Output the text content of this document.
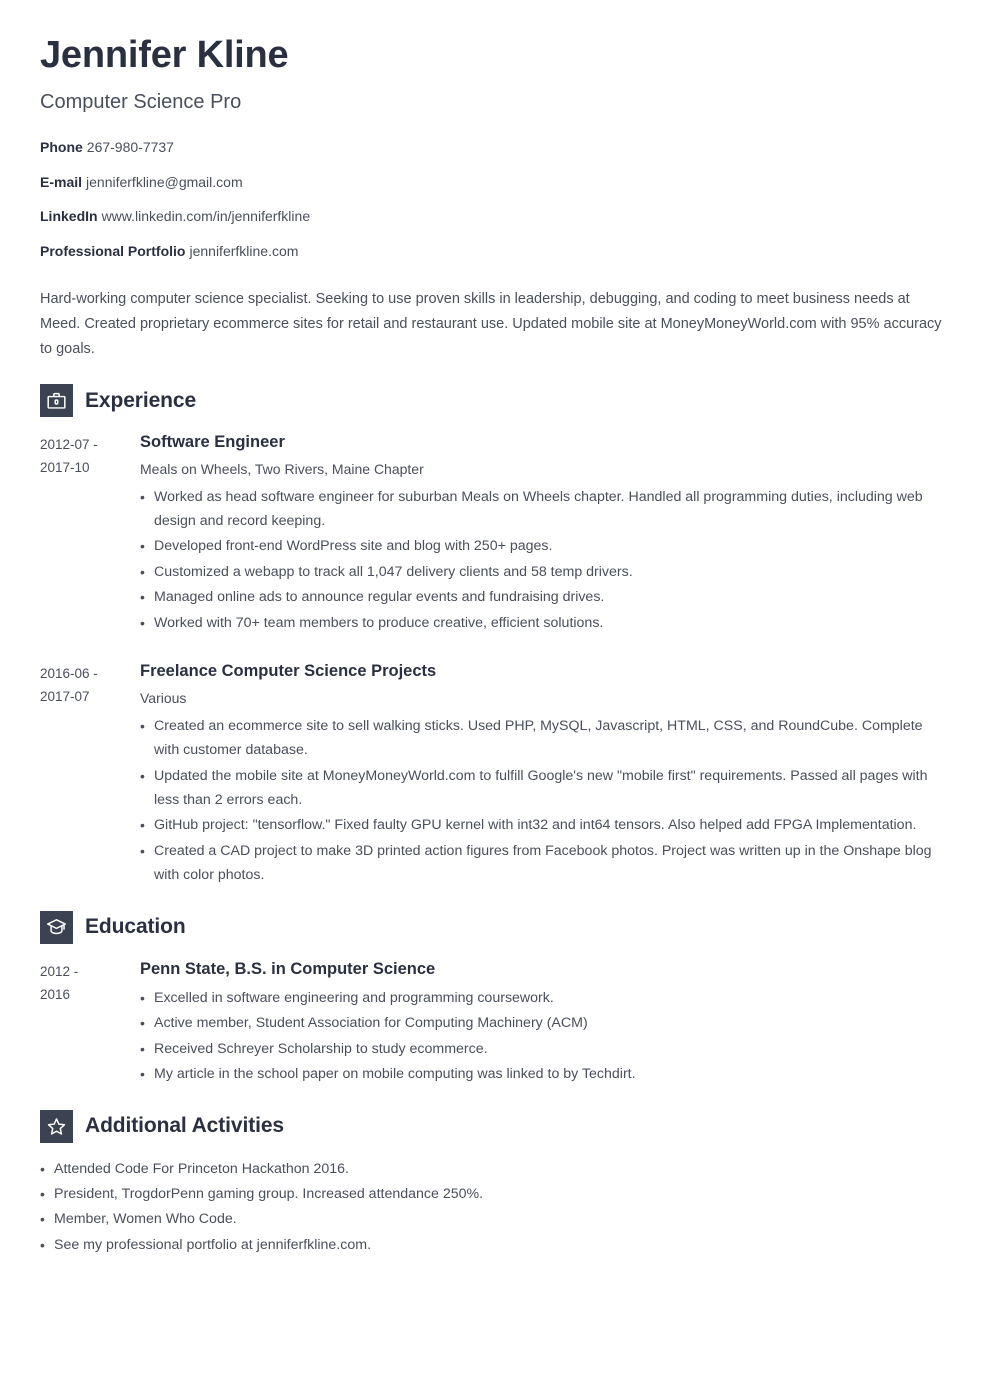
Jennifer Kline
Computer Science Pro
Phone 267-980-7737
E-mail jenniferfkline@gmail.com
LinkedIn www.linkedin.com/in/jenniferfkline
Professional Portfolio jenniferfkline.com

Hard-working computer science specialist. Seeking to use proven skills in leadership, debugging, and coding to meet business needs at Meed. Created proprietary ecommerce sites for retail and restaurant use. Updated mobile site at MoneyMoneyWorld.com with 95% accuracy to goals.

Experience
2012-07 -
2017-10
Software Engineer
Meals on Wheels, Two Rivers, Maine Chapter
• Worked as head software engineer for suburban Meals on Wheels chapter. Handled all programming duties, including web design and record keeping.
• Developed front-end WordPress site and blog with 250+ pages.
• Customized a webapp to track all 1,047 delivery clients and 58 temp drivers.
• Managed online ads to announce regular events and fundraising drives.
• Worked with 70+ team members to produce creative, efficient solutions.
2016-06 -
2017-07
Freelance Computer Science Projects
Various
• Created an ecommerce site to sell walking sticks. Used PHP, MySQL, Javascript, HTML, CSS, and RoundCube. Complete with customer database.
• Updated the mobile site at MoneyMoneyWorld.com to fulfill Google's new "mobile first" requirements. Passed all pages with less than 2 errors each.
• GitHub project: "tensorflow." Fixed faulty GPU kernel with int32 and int64 tensors. Also helped add FPGA Implementation.
• Created a CAD project to make 3D printed action figures from Facebook photos. Project was written up in the Onshape blog with color photos.
Education
2012 -
2016
Penn State, B.S. in Computer Science
• Excelled in software engineering and programming coursework.
• Active member, Student Association for Computing Machinery (ACM)
• Received Schreyer Scholarship to study ecommerce.
• My article in the school paper on mobile computing was linked to by Techdirt.
Additional Activities
• Attended Code For Princeton Hackathon 2016.
• President, TrogdorPenn gaming group. Increased attendance 250%.
• Member, Women Who Code.
• See my professional portfolio at jenniferfkline.com.
